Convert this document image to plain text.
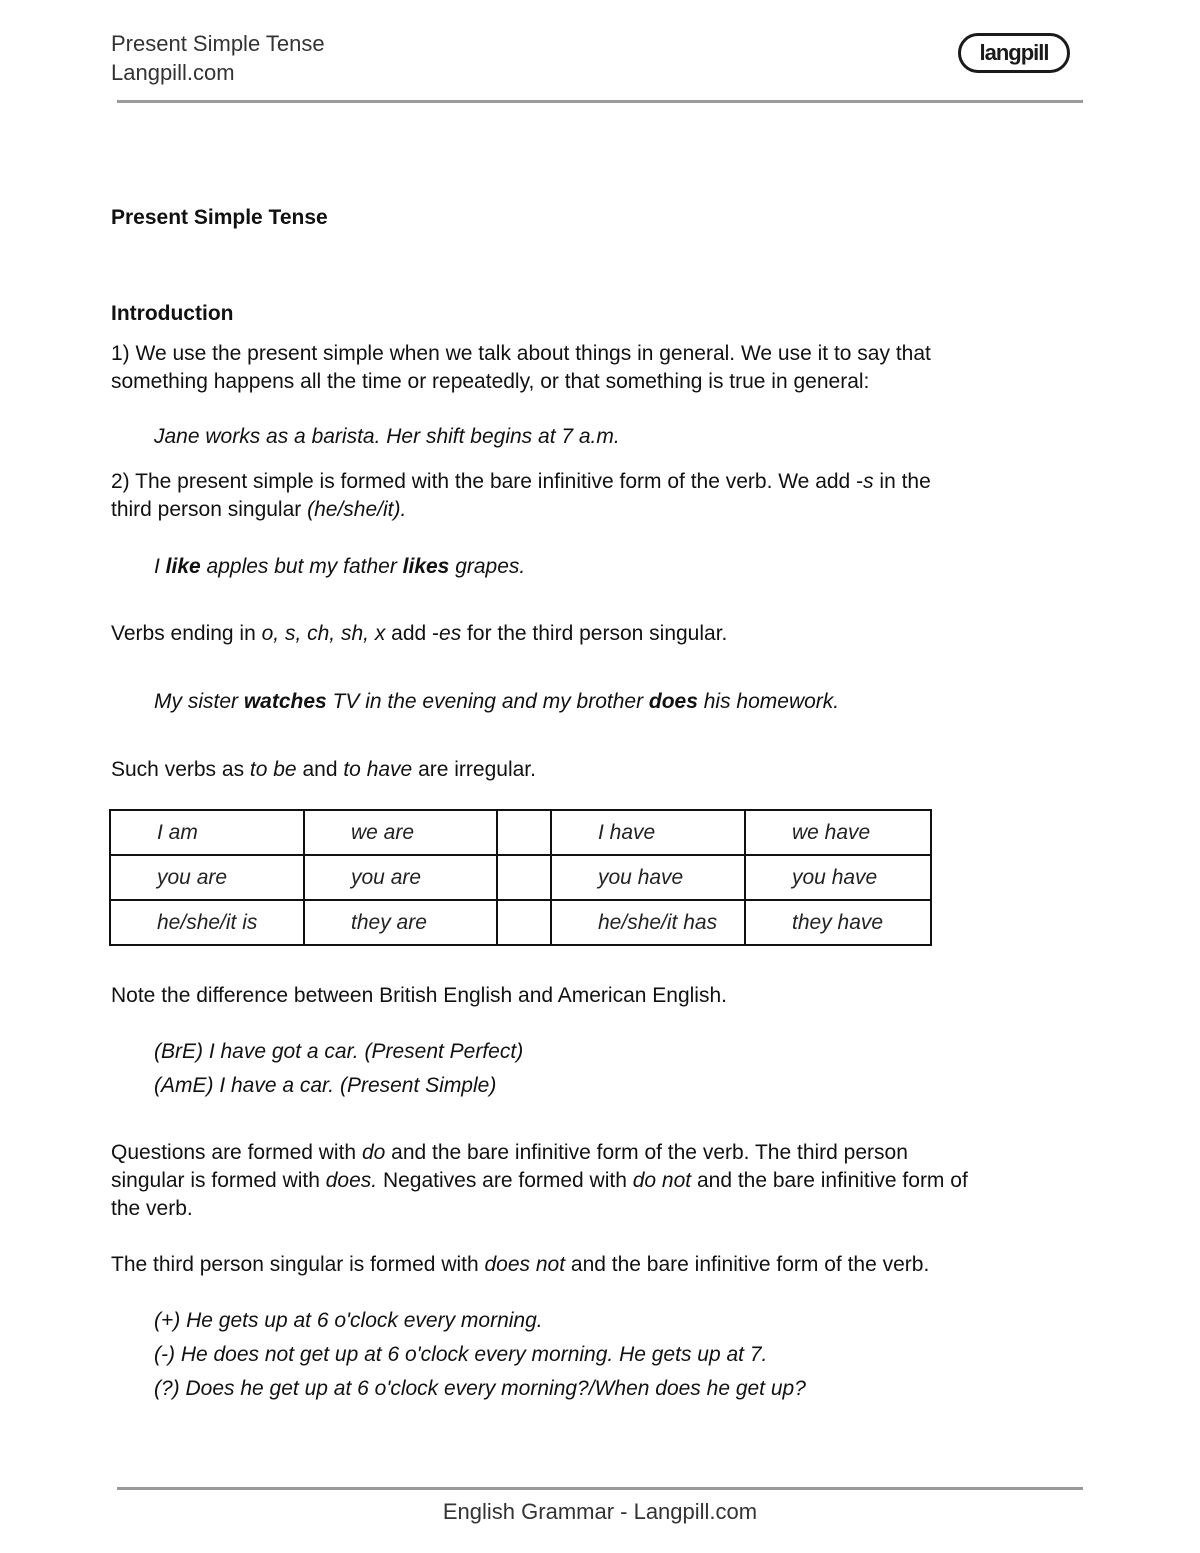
Present Simple Tense
Langpill.com
langpill
Present Simple Tense
Introduction
1) We use the present simple when we talk about things in general. We use it to say that
something happens all the time or repeatedly, or that something is true in general:
Jane works as a barista. Her shift begins at 7 a.m.
2) The present simple is formed with the bare infinitive form of the verb. We add -s in the
third person singular (he/she/it).
I like apples but my father likes grapes.
Verbs ending in o, s, ch, sh, x add -es for the third person singular.
My sister watches TV in the evening and my brother does his homework.
Such verbs as to be and to have are irregular.
I am	we are		I have	we have
you are	you are		you have	you have
he/she/it is	they are		he/she/it has	they have
Note the difference between British English and American English.
(BrE) I have got a car. (Present Perfect)
(AmE) I have a car. (Present Simple)
Questions are formed with do and the bare infinitive form of the verb. The third person
singular is formed with does. Negatives are formed with do not and the bare infinitive form of
the verb.
The third person singular is formed with does not and the bare infinitive form of the verb.
(+) He gets up at 6 o'clock every morning.
(-) He does not get up at 6 o'clock every morning. He gets up at 7.
(?) Does he get up at 6 o'clock every morning?/When does he get up?
English Grammar - Langpill.com
